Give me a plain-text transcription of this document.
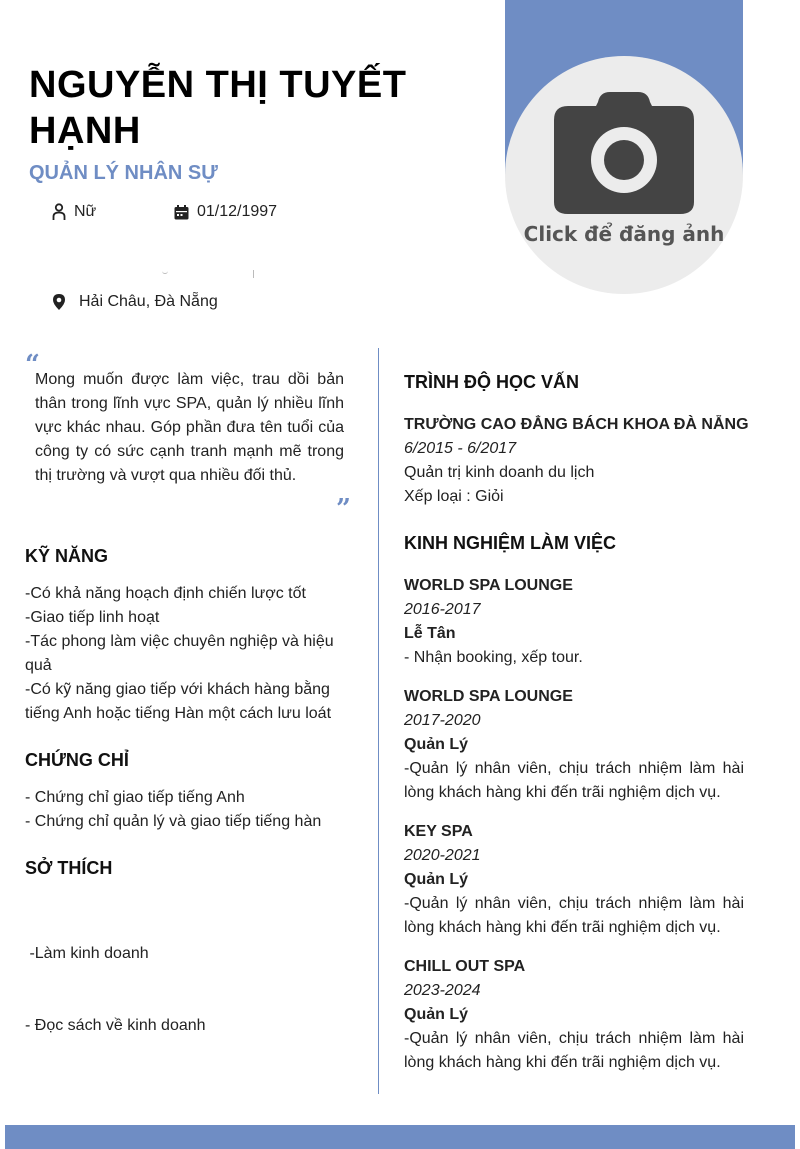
Click để đăng ảnh
NGUYỄN THỊ TUYẾT HẠNH
QUẢN LÝ NHÂN SỰ
Nữ	01/12/1997
Hải Châu, Đà Nẵng
“

Mong muốn được làm việc, trau dồi bản thân trong lĩnh vực SPA, quản lý nhiều lĩnh vực khác nhau. Góp phần đưa tên tuổi của công ty có sức cạnh tranh mạnh mẽ trong thị trường và vượt qua nhiều đối thủ.

”
KỸ NĂNG
-Có khả năng hoạch định chiến lược tốt
-Giao tiếp linh hoạt
-Tác phong làm việc chuyên nghiệp và hiệu quả
-Có kỹ năng giao tiếp với khách hàng bằng tiếng Anh hoặc tiếng Hàn một cách lưu loát
CHỨNG CHỈ
- Chứng chỉ giao tiếp tiếng Anh
- Chứng chỉ quản lý và giao tiếp tiếng hàn
SỞ THÍCH

-Làm kinh doanh

- Đọc sách về kinh doanh

TRÌNH ĐỘ HỌC VẤN
TRƯỜNG CAO ĐẲNG BÁCH KHOA ĐÀ NẴNG
6/2015 - 6/2017
Quản trị kinh doanh du lịch
Xếp loại : Giỏi
KINH NGHIỆM LÀM VIỆC
WORLD SPA LOUNGE
2016-2017
Lễ Tân
- Nhận booking, xếp tour.
WORLD SPA LOUNGE
2017-2020
Quản Lý
-Quản lý nhân viên, chịu trách nhiệm làm hài lòng khách hàng khi đến trãi nghiệm dịch vụ.
KEY SPA
2020-2021
Quản Lý
-Quản lý nhân viên, chịu trách nhiệm làm hài lòng khách hàng khi đến trãi nghiệm dịch vụ.
CHILL OUT SPA
2023-2024
Quản Lý
-Quản lý nhân viên, chịu trách nhiệm làm hài lòng khách hàng khi đến trãi nghiệm dịch vụ.
